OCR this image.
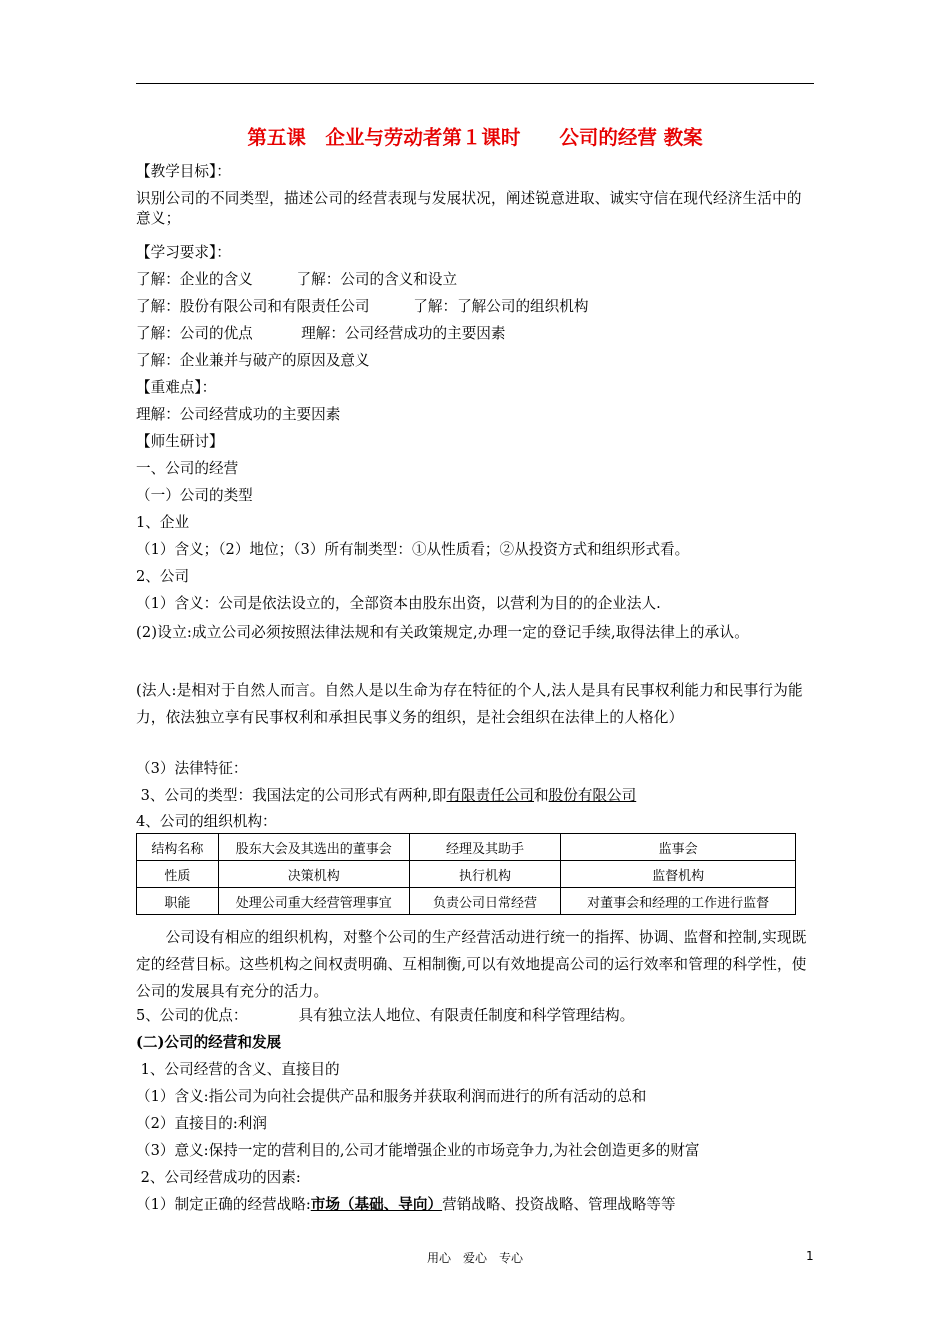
第五课　企业与劳动者第１课时　　公司的经营 教案
【教学目标】：
识别公司的不同类型，描述公司的经营表现与发展状况，阐述锐意进取、诚实守信在现代经济生活中的意义；
【学习要求】：
了解：企业的含义　　　了解：公司的含义和设立
了解：股份有限公司和有限责任公司　　　了解：了解公司的组织机构
了解：公司的优点　　　 理解：公司经营成功的主要因素
了解：企业兼并与破产的原因及意义
【重难点】：
理解：公司经营成功的主要因素
【师生研讨】
一、公司的经营
（一）公司的类型
1、企业
（1）含义；（2）地位；（3）所有制类型：①从性质看；②从投资方式和组织形式看。
2、公司
（1）含义：公司是依法设立的，全部资本由股东出资，以营利为目的的企业法人.
(2)设立:成立公司必须按照法律法规和有关政策规定,办理一定的登记手续,取得法律上的承认。
(法人:是相对于自然人而言。自然人是以生命为存在特征的个人,法人是具有民事权利能力和民事行为能力，依法独立享有民事权利和承担民事义务的组织，是社会组织在法律上的人格化）
（3）法律特征：
3、公司的类型：我国法定的公司形式有两种,即有限责任公司和股份有限公司
4、公司的组织机构：
结构名称	股东大会及其选出的董事会	经理及其助手	监事会
性质	决策机构	执行机构	监督机构
职能	处理公司重大经营管理事宜	负责公司日常经营	对董事会和经理的工作进行监督
　　公司设有相应的组织机构，对整个公司的生产经营活动进行统一的指挥、协调、监督和控制,实现既定的经营目标。这些机构之间权责明确、互相制衡,可以有效地提高公司的运行效率和管理的科学性，使公司的发展具有充分的活力。
5、公司的优点：　　　　具有独立法人地位、有限责任制度和科学管理结构。
(二)公司的经营和发展
1、公司经营的含义、直接目的
（1）含义:指公司为向社会提供产品和服务并获取利润而进行的所有活动的总和
（2）直接目的:利润
（3）意义:保持一定的营利目的,公司才能增强企业的市场竞争力,为社会创造更多的财富
2、公司经营成功的因素:
（1）制定正确的经营战略:市场（基础、导向）营销战略、投资战略、管理战略等等
用心　爱心　专心	1
